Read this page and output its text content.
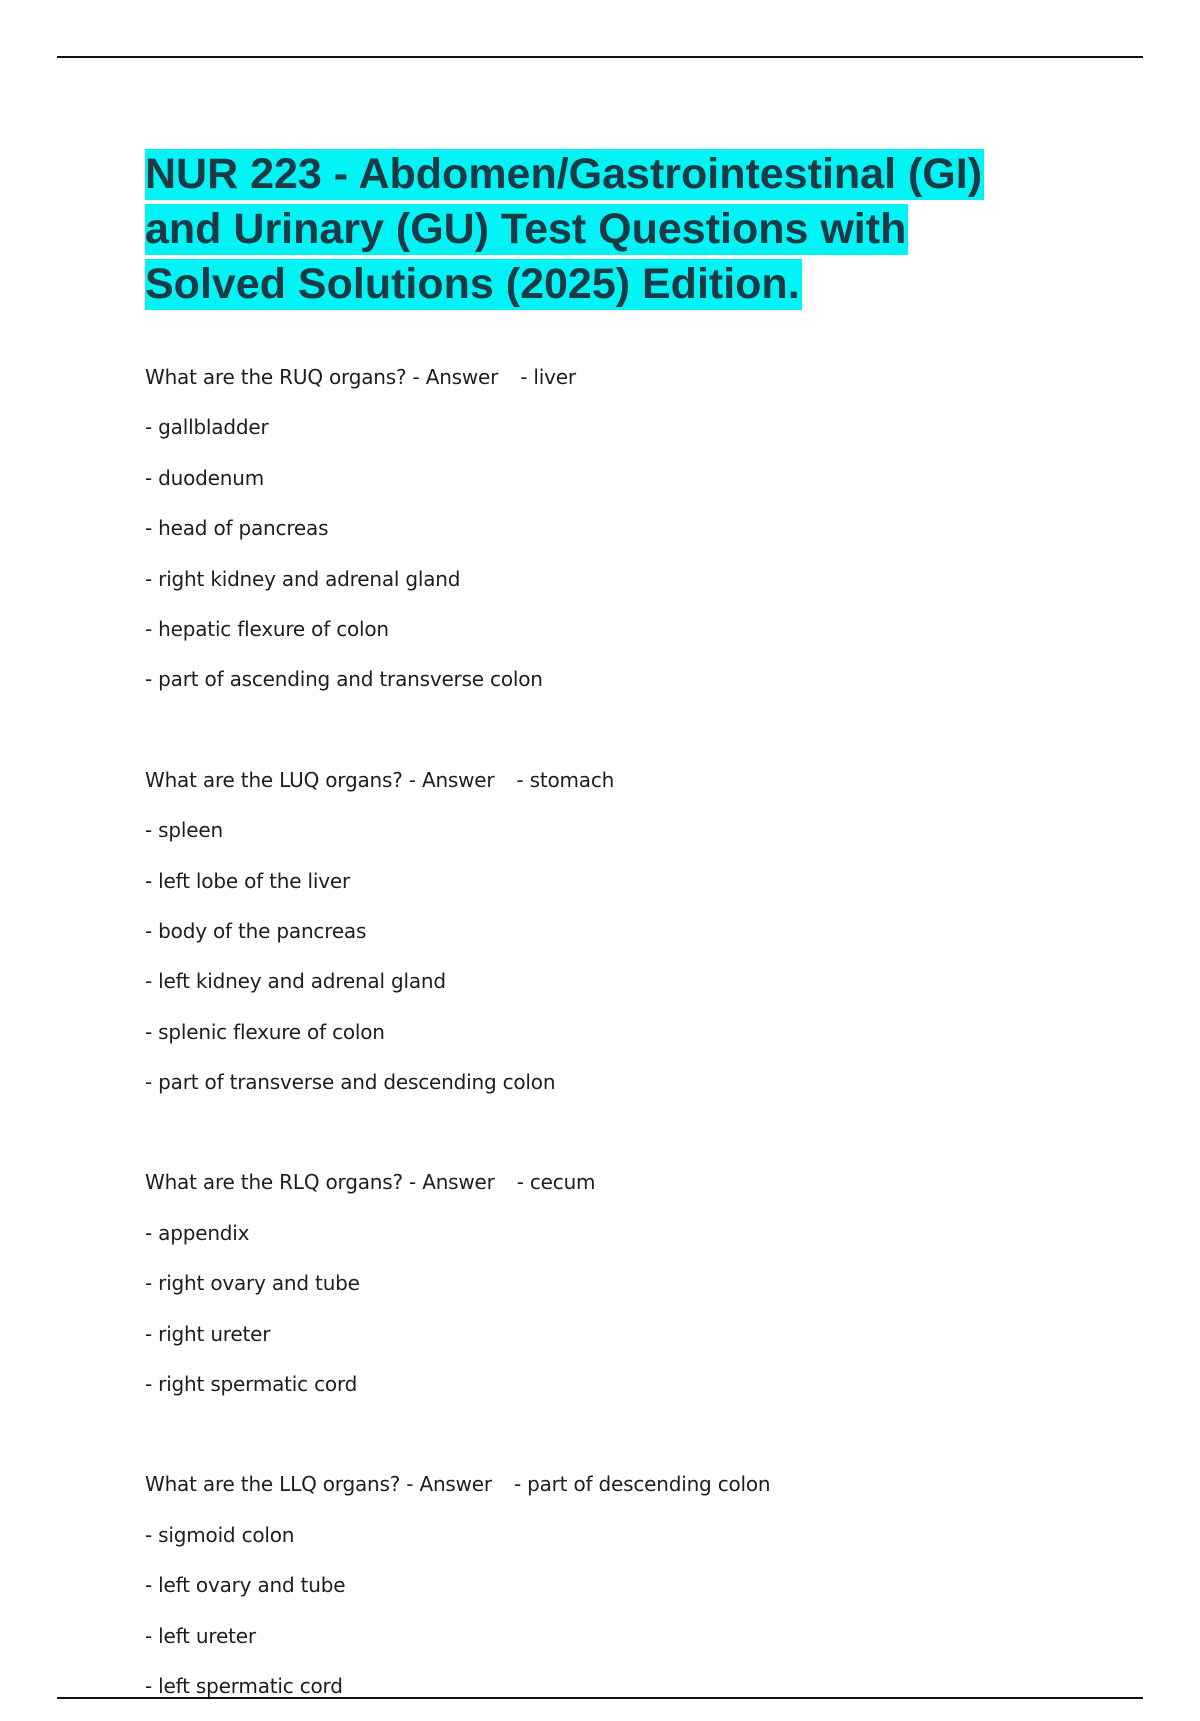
NUR 223 - Abdomen/Gastrointestinal (GI) and Urinary (GU) Test Questions with Solved Solutions (2025) Edition.
What are the RUQ organs? - Answer - liver
- gallbladder
- duodenum
- head of pancreas
- right kidney and adrenal gland
- hepatic flexure of colon
- part of ascending and transverse colon
What are the LUQ organs? - Answer - stomach
- spleen
- left lobe of the liver
- body of the pancreas
- left kidney and adrenal gland
- splenic flexure of colon
- part of transverse and descending colon
What are the RLQ organs? - Answer - cecum
- appendix
- right ovary and tube
- right ureter
- right spermatic cord
What are the LLQ organs? - Answer - part of descending colon
- sigmoid colon
- left ovary and tube
- left ureter
- left spermatic cord
